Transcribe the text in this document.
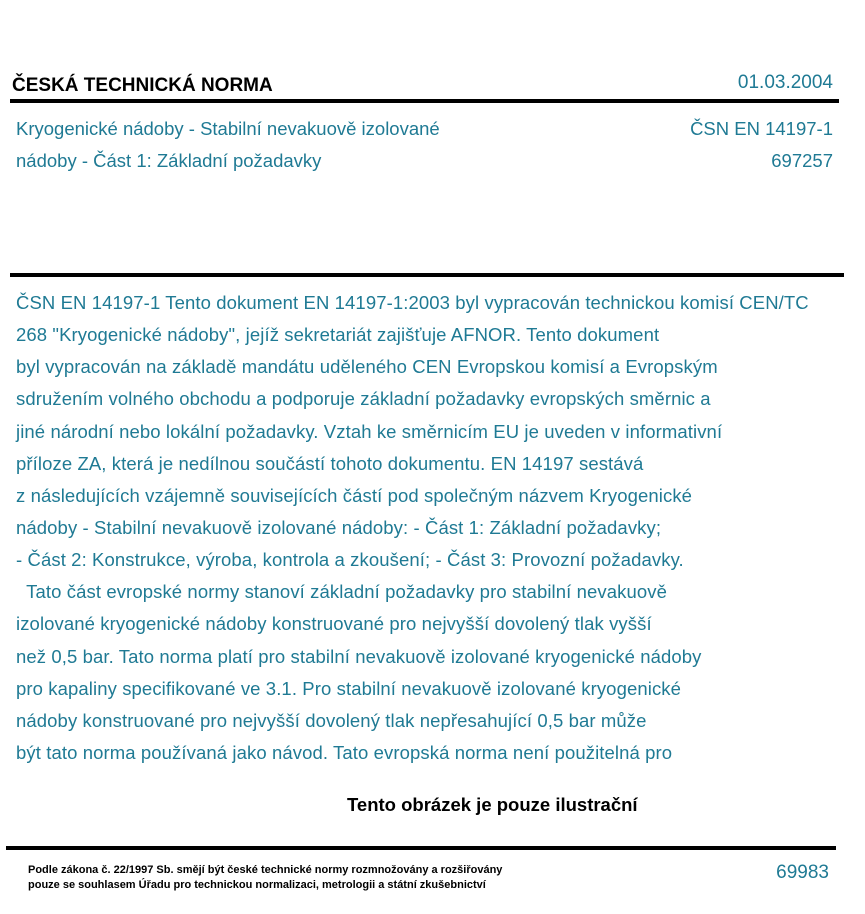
ČESKÁ TECHNICKÁ NORMA	01.03.2004
Kryogenické nádoby - Stabilní nevakuově izolované
nádoby - Část 1: Základní požadavky
ČSN EN 14197-1
697257
ČSN EN 14197-1 Tento dokument EN 14197-1:2003 byl vypracován technickou komisí CEN/TC
268 "Kryogenické nádoby", jejíž sekretariát zajišťuje AFNOR. Tento dokument
byl vypracován na základě mandátu uděleného CEN Evropskou komisí a Evropským
sdružením volného obchodu a podporuje základní požadavky evropských směrnic a
jiné národní nebo lokální požadavky. Vztah ke směrnicím EU je uveden v informativní
příloze ZA, která je nedílnou součástí tohoto dokumentu. EN 14197 sestává
z následujících vzájemně souvisejících částí pod společným názvem Kryogenické
nádoby - Stabilní nevakuově izolované nádoby: - Část 1: Základní požadavky;
- Část 2: Konstrukce, výroba, kontrola a zkoušení; - Část 3: Provozní požadavky.
Tato část evropské normy stanoví základní požadavky pro stabilní nevakuově
izolované kryogenické nádoby konstruované pro nejvyšší dovolený tlak vyšší
než 0,5 bar. Tato norma platí pro stabilní nevakuově izolované kryogenické nádoby
pro kapaliny specifikované ve 3.1. Pro stabilní nevakuově izolované kryogenické
nádoby konstruované pro nejvyšší dovolený tlak nepřesahující 0,5 bar může
být tato norma používaná jako návod. Tato evropská norma není použitelná pro
Tento obrázek je pouze ilustrační
Podle zákona č. 22/1997 Sb. smějí být české technické normy rozmnožovány a rozšiřovány
pouze se souhlasem Úřadu pro technickou normalizaci, metrologii a státní zkušebnictví
69983
